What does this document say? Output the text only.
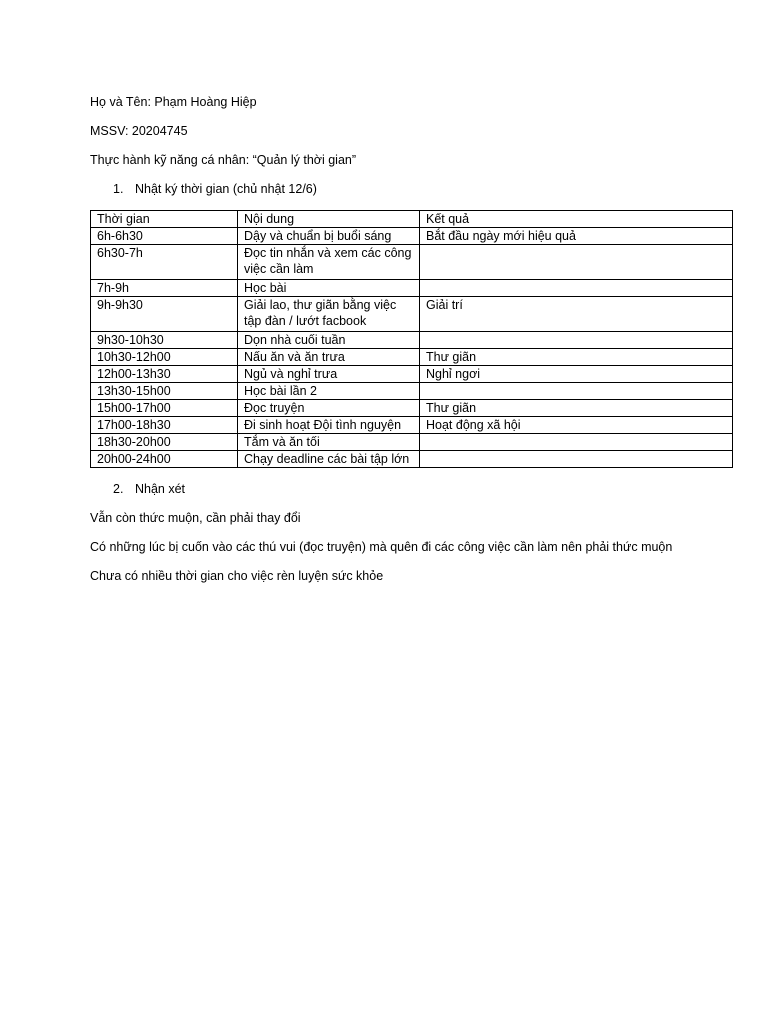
Họ và Tên: Phạm Hoàng Hiệp
MSSV: 20204745
Thực hành kỹ năng cá nhân: “Quản lý thời gian”
1. Nhật ký thời gian (chủ nhật 12/6)
Thời gian	Nội dung	Kết quả
6h-6h30	Dậy và chuẩn bị buổi sáng	Bắt đầu ngày mới hiệu quả
6h30-7h	Đọc tin nhắn và xem các công việc cần làm	
7h-9h	Học bài	
9h-9h30	Giải lao, thư giãn bằng việc tập đàn / lướt facbook	Giải trí
9h30-10h30	Dọn nhà cuối tuần	
10h30-12h00	Nấu ăn và ăn trưa	Thư giãn
12h00-13h30	Ngủ và nghỉ trưa	Nghỉ ngơi
13h30-15h00	Học bài lần 2	
15h00-17h00	Đọc truyện	Thư giãn
17h00-18h30	Đi sinh hoạt Đội tình nguyện	Hoạt động xã hội
18h30-20h00	Tắm và ăn tối	
20h00-24h00	Chạy deadline các bài tập lớn	
2. Nhận xét
Vẫn còn thức muộn, cần phải thay đổi
Có những lúc bị cuốn vào các thú vui (đọc truyện) mà quên đi các công việc cần làm nên phải thức muộn
Chưa có nhiều thời gian cho việc rèn luyện sức khỏe
